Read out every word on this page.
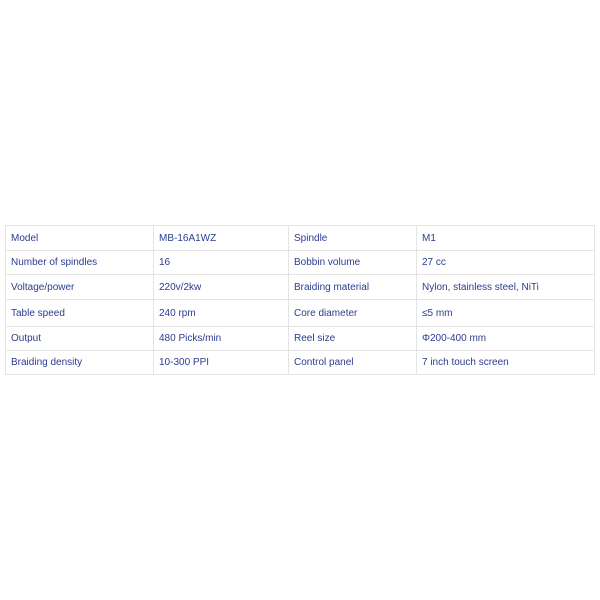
Model	MB-16A1WZ	Spindle	M1
Number of spindles	16	Bobbin volume	27 cc
Voltage/power	220v/2kw	Braiding material	Nylon, stainless steel, NiTi
Table speed	240 rpm	Core diameter	≤5 mm
Output	480 Picks/min	Reel size	Φ200-400 mm
Braiding density	10-300 PPI	Control panel	7 inch touch screen
